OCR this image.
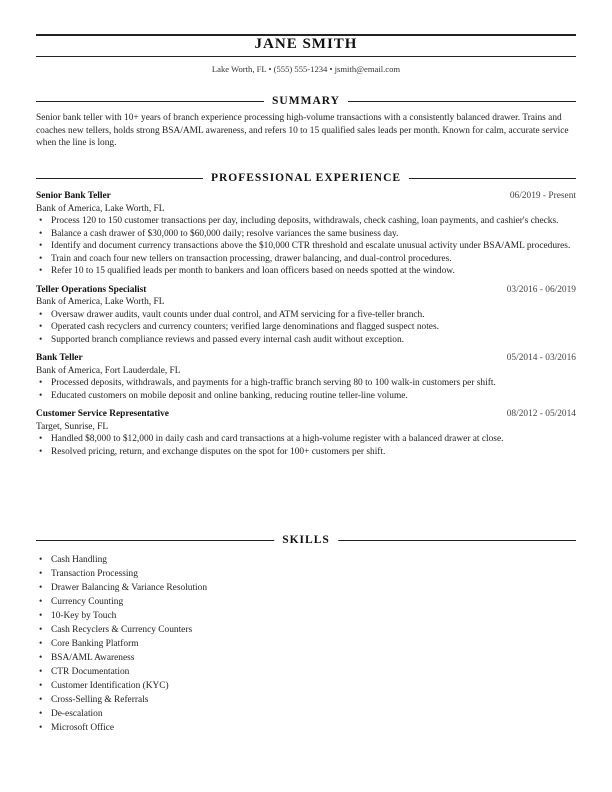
JANE SMITH
Lake Worth, FL • (555) 555-1234 • jsmith@email.com
SUMMARY
Senior bank teller with 10+ years of branch experience processing high-volume transactions with a consistently balanced drawer. Trains and coaches new tellers, holds strong BSA/AML awareness, and refers 10 to 15 qualified sales leads per month. Known for calm, accurate service when the line is long.
PROFESSIONAL EXPERIENCE
Senior Bank Teller	06/2019 - Present
Bank of America, Lake Worth, FL
• Process 120 to 150 customer transactions per day, including deposits, withdrawals, check cashing, loan payments, and cashier's checks.
• Balance a cash drawer of $30,000 to $60,000 daily; resolve variances the same business day.
• Identify and document currency transactions above the $10,000 CTR threshold and escalate unusual activity under BSA/AML procedures.
• Train and coach four new tellers on transaction processing, drawer balancing, and dual-control procedures.
• Refer 10 to 15 qualified leads per month to bankers and loan officers based on needs spotted at the window.
Teller Operations Specialist	03/2016 - 06/2019
Bank of America, Lake Worth, FL
• Oversaw drawer audits, vault counts under dual control, and ATM servicing for a five-teller branch.
• Operated cash recyclers and currency counters; verified large denominations and flagged suspect notes.
• Supported branch compliance reviews and passed every internal cash audit without exception.
Bank Teller	05/2014 - 03/2016
Bank of America, Fort Lauderdale, FL
• Processed deposits, withdrawals, and payments for a high-traffic branch serving 80 to 100 walk-in customers per shift.
• Educated customers on mobile deposit and online banking, reducing routine teller-line volume.
Customer Service Representative	08/2012 - 05/2014
Target, Sunrise, FL
• Handled $8,000 to $12,000 in daily cash and card transactions at a high-volume register with a balanced drawer at close.
• Resolved pricing, return, and exchange disputes on the spot for 100+ customers per shift.
SKILLS
• Cash Handling
• Transaction Processing
• Drawer Balancing & Variance Resolution
• Currency Counting
• 10-Key by Touch
• Cash Recyclers & Currency Counters
• Core Banking Platform
• BSA/AML Awareness
• CTR Documentation
• Customer Identification (KYC)
• Cross-Selling & Referrals
• De-escalation
• Microsoft Office
